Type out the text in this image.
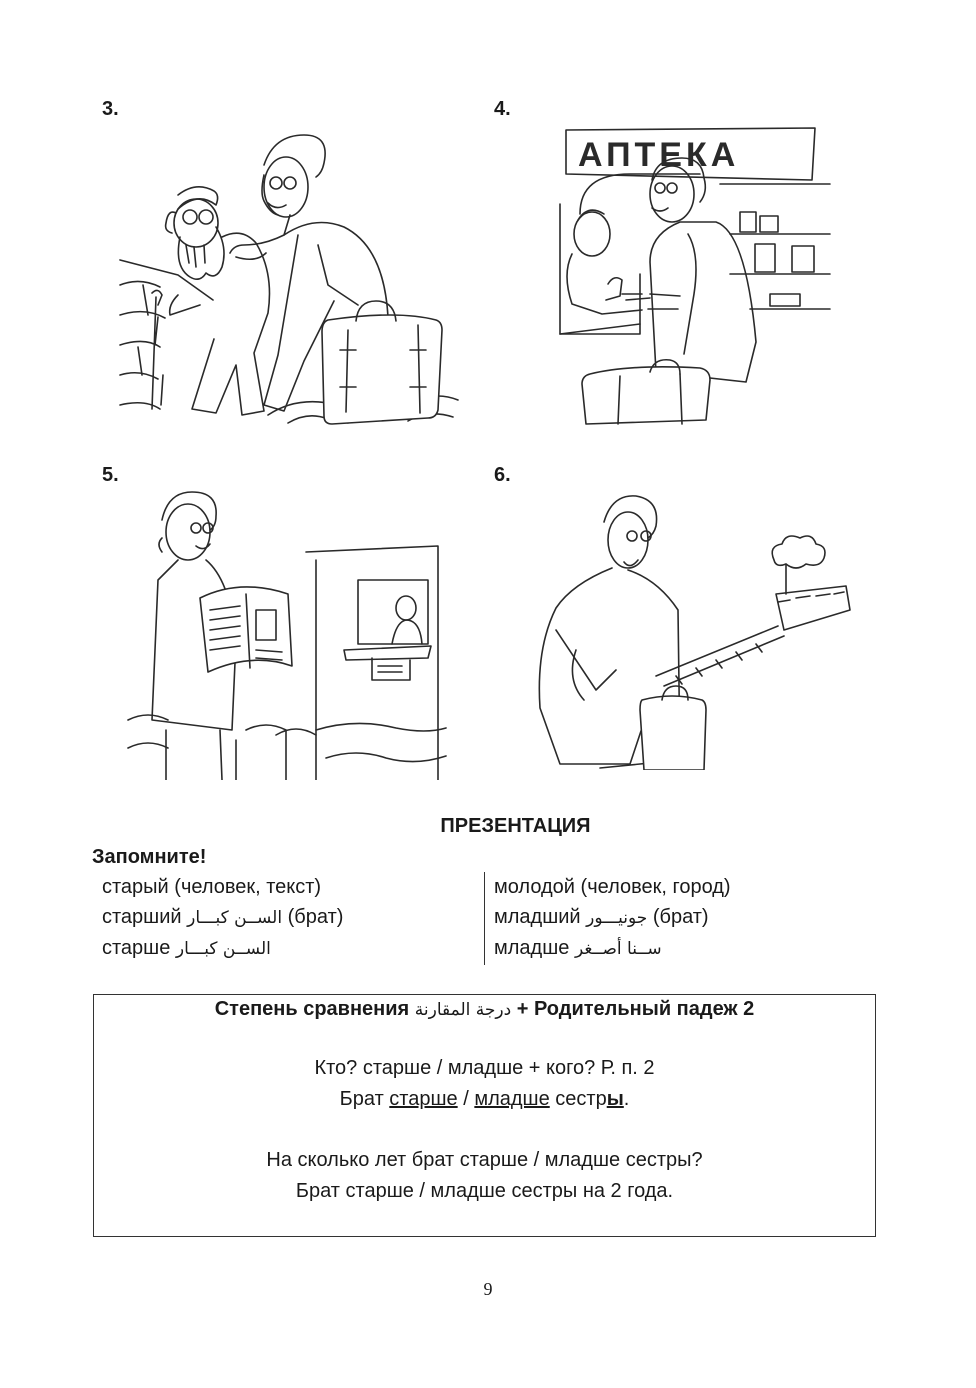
3.	4.
АПТЕКА
5.	6.
ПРЕЗЕНТАЦИЯ
Запомните!
старый (человек, текст)
старший الســن كبـــار (брат)
старше الســن كبـــار
молодой (человек, город)
младший جونيـــور (брат)
младше ســنا أصــغر
Степень сравнения درجة المقارنة + Родительный падеж 2
Кто? старше / младше + кого? Р. п. 2
Брат старше / младше сестры.
На сколько лет брат старше / младше сестры?
Брат старше / младше сестры на 2 года.
9
